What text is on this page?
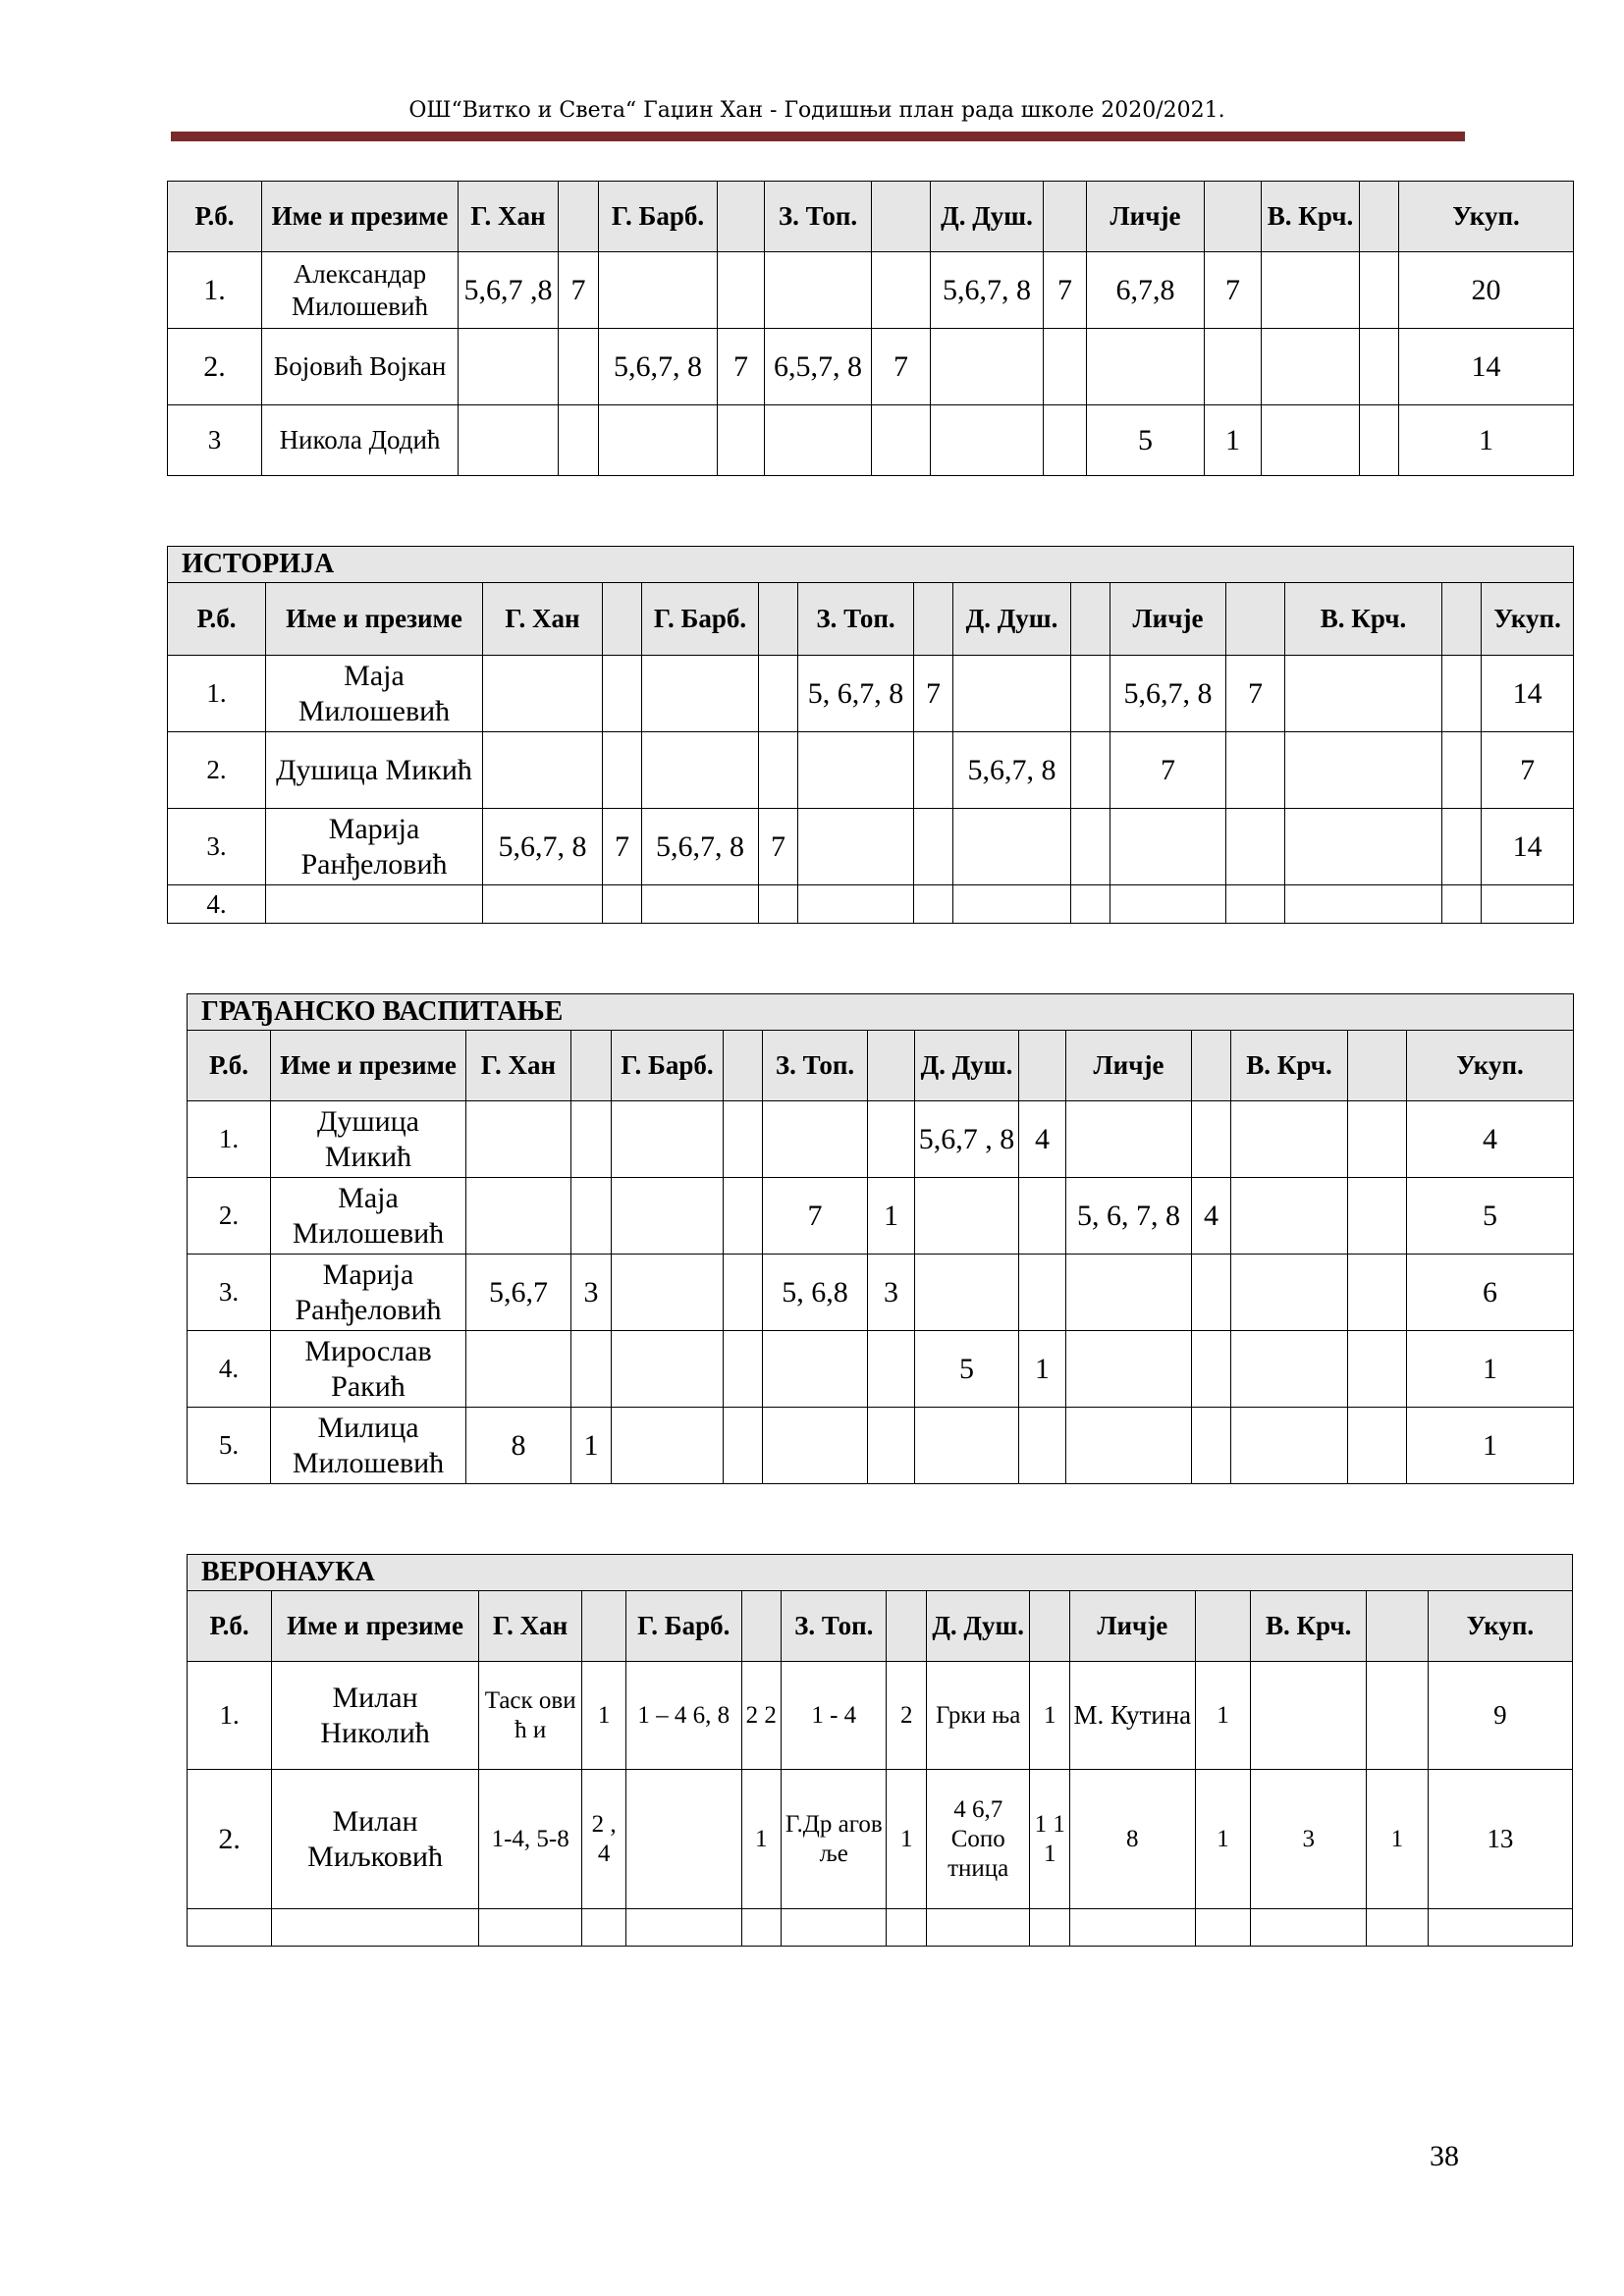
ОШ“Витко и Света“ Гаџин Хан - Годишњи план рада школе 2020/2021.
Р.б.	Име и презиме	Г. Хан		Г. Барб.		З. Топ.		Д. Душ.		Личје		В. Крч.		Укуп.
1.	Александар Милошевић	5,6,7 ,8	7					5,6,7, 8	7	6,7,8	7			20
2.	Бојовић Војкан			5,6,7, 8	7	6,5,7, 8	7							14
3	Никола Додић									5	1			1
ИСТОРИЈА														
Р.б.	Име и презиме	Г. Хан		Г. Барб.		З. Топ.		Д. Душ.		Личје		В. Крч.		Укуп.
1.	Маја Милошевић					5, 6,7, 8	7			5,6,7, 8	7			14
2.	Душица Микић							5,6,7, 8		7				7
3.	Марија Ранђеловић	5,6,7, 8	7	5,6,7, 8	7									14
4.														
ГРАЂАНСКО ВАСПИТАЊЕ														
Р.б.	Име и презиме	Г. Хан		Г. Барб.		З. Топ.		Д. Душ.		Личје		В. Крч.		Укуп.
1.	Душица Микић							5,6,7 , 8	4					4
2.	Маја Милошевић					7	1			5, 6, 7, 8	4			5
3.	Марија Ранђеловић	5,6,7	3			5, 6,8	3							6
4.	Мирослав Ракић							5	1					1
5.	Милица Милошевић	8	1											1
ВЕРОНАУКА														
Р.б.	Име и презиме	Г. Хан		Г. Барб.		З. Топ.		Д. Душ.		Личје		В. Крч.		Укуп.
1.	Милан Николић	Таск ови ћ и	1	1 – 4 6, 8	2 2	1 - 4	2	Грки ња	1	М. Кутина	1			9
2.	Милан Миљковић	1-4, 5-8	2 , 4		1	Г.Др агов ље	1	4 6,7 Сопо тница	1 1 1	8	1	3	1	13

38
